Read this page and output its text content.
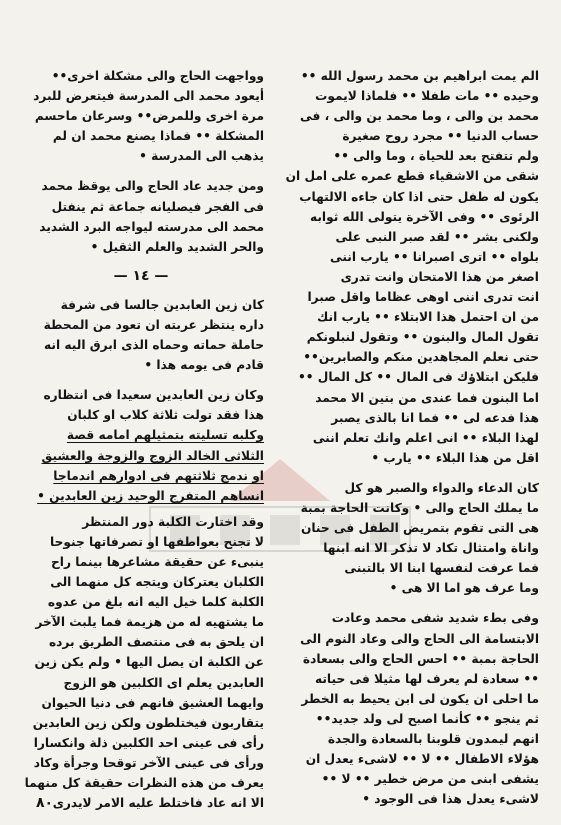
الم يمت ابراهيم بن محمد رسول الله ••
وحيده •• مات طفلا •• فلماذا لايموت
محمد بن والى ، وما محمد بن والى ، فى
حساب الدنيا •• مجرد روح صغيرة
ولم تتفتح بعد للحياة ، وما والى ••
شقى من الاشقياء قطع عمره على امل ان
يكون له طفل حتى اذا كان جاءه الالتهاب
الرئوى •• وفى الآخرة يتولى الله ثوابه
ولكنى بشر •• لقد صبر النبى على
بلواه •• اترى اصبرانا •• يارب اننى
اصغر من هذا الامتحان وانت تدرى
انت تدرى اننى اوهى عظاما واقل صبرا
من ان احتمل هذا الابتلاء •• يارب انك
تقول المال والبنون •• وتقول لنبلونكم
حتى نعلم المجاهدين منكم والصابرين••
فليكن ابتلاؤك فى المال •• كل المال ••
اما البنون فما عندى من بنين الا محمد
هذا فدعه لى •• فما انا بالذى يصبر
لهذا البلاء •• انى اعلم وانك تعلم اننى
اقل من هذا البلاء •• يارب •

كان الدعاء والدواء والصبر هو كل
ما يملك الحاج والى • وكانت الحاجة بمبة
هى التى تقوم بتمريض الطفل فى حنان
واناة وامتثال تكاد لا تذكر الا انه ابنها
فما عرفت لنفسها ابنا الا بالتبنى
وما عرف هو اما الا هى •

وفى بطء شديد شفى محمد وعادت
الابتسامة الى الحاج والى وعاد النوم الى
الحاجة بمبة •• احس الحاج والى بسعادة
•• سعادة لم يعرف لها مثيلا فى حياته
ما احلى ان يكون لى ابن يحيط به الخطر
ثم ينجو •• كأنما اصبح لى ولد جديد••
انهم ليمدون قلوبنا بالسعادة والجدة
هؤلاء الاطفال •• لا •• لاشىء يعدل ان
يشفى ابنى من مرض خطير •• لا ••
لاشىء يعدل هذا فى الوجود •

وواجهت الحاج والى مشكلة اخرى••
أيعود محمد الى المدرسة فيتعرض للبرد
مرة اخرى وللمرض•• وسرعان ماحسم
المشكلة •• فماذا يصنع محمد ان لم
يذهب الى المدرسة •

ومن جديد عاد الحاج والى يوقظ محمد
فى الفجر فيصليانه جماعة ثم ينفتل
محمد الى مدرسته ليواجه البرد الشديد
والحر الشديد والعلم الثقيل •

— ١٤ —

كان زين العابدين جالسا فى شرفة
داره ينتظر عربته ان تعود من المحطة
حاملة حماته وحماه الذى ابرق اليه انه
قادم فى يومه هذا •

وكان زين العابدين سعيدا فى انتظاره
هذا فقد تولت ثلاثة كلاب او كلبان
وكلبه تسليته بتمثيلهم امامه قصة
الثلاثى الخالد الزوج والزوجة والعشيق
او ندمج ثلاثتهم فى ادوارهم اندماجا
انساهم المتفرج الوحيد زين العابدين •

وقد اختارت الكلبة دور المنتظر
لا تجنح بعواطفها او تصرفاتها جنوحا
ينبىء عن حقيقة مشاعرها بينما راح
الكلبان يعتركان ويتجه كل منهما الى
الكلبة كلما خيل اليه انه بلغ من عدوه
ما يشتهيه له من هزيمة فما يلبث الآخر
ان يلحق به فى منتصف الطريق برده
عن الكلبة ان يصل اليها • ولم يكن زين
العابدين يعلم اى الكلبين هو الزوج
وايهما العشيق فانهم فى دنيا الحيوان
يتقاربون فيختلطون ولكن زين العابدين
رأى فى عينى احد الكلبين ذلة وانكسارا
ورأى فى عينى الآخر توقحا وجرأة وكاد
يعرف من هذه النظرات حقيقة كل منهما
الا انه عاد فاختلط عليه الامر لايدرى

٨٠
